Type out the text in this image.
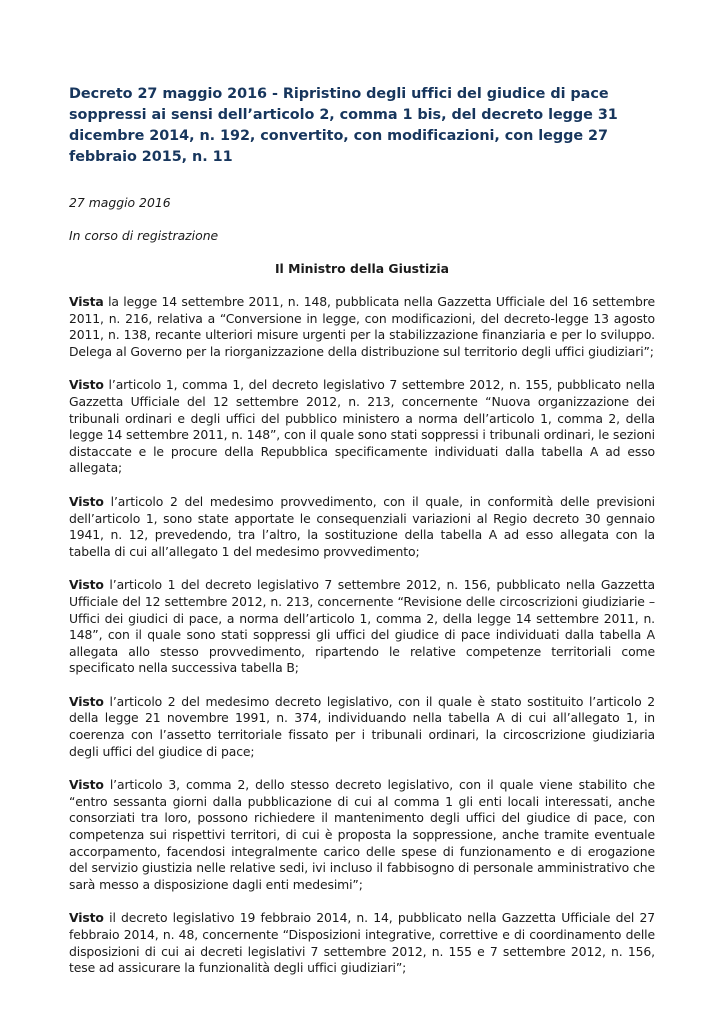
Decreto 27 maggio 2016 - Ripristino degli uffici del giudice di pace soppressi ai sensi dell’articolo 2, comma 1 bis, del decreto legge 31 dicembre 2014, n. 192, convertito, con modificazioni, con legge 27 febbraio 2015, n. 11

27 maggio 2016

In corso di registrazione

Il Ministro della Giustizia

Vista la legge 14 settembre 2011, n. 148, pubblicata nella Gazzetta Ufficiale del 16 settembre 2011, n. 216, relativa a “Conversione in legge, con modificazioni, del decreto-legge 13 agosto 2011, n. 138, recante ulteriori misure urgenti per la stabilizzazione finanziaria e per lo sviluppo. Delega al Governo per la riorganizzazione della distribuzione sul territorio degli uffici giudiziari”;

Visto l’articolo 1, comma 1, del decreto legislativo 7 settembre 2012, n. 155, pubblicato nella Gazzetta Ufficiale del 12 settembre 2012, n. 213, concernente “Nuova organizzazione dei tribunali ordinari e degli uffici del pubblico ministero a norma dell’articolo 1, comma 2, della legge 14 settembre 2011, n. 148”, con il quale sono stati soppressi i tribunali ordinari, le sezioni distaccate e le procure della Repubblica specificamente individuati dalla tabella A ad esso allegata;

Visto l’articolo 2 del medesimo provvedimento, con il quale, in conformità delle previsioni dell’articolo 1, sono state apportate le consequenziali variazioni al Regio decreto 30 gennaio 1941, n. 12, prevedendo, tra l’altro, la sostituzione della tabella A ad esso allegata con la tabella di cui all’allegato 1 del medesimo provvedimento;

Visto l’articolo 1 del decreto legislativo 7 settembre 2012, n. 156, pubblicato nella Gazzetta Ufficiale del 12 settembre 2012, n. 213, concernente “Revisione delle circoscrizioni giudiziarie – Uffici dei giudici di pace, a norma dell’articolo 1, comma 2, della legge 14 settembre 2011, n. 148”, con il quale sono stati soppressi gli uffici del giudice di pace individuati dalla tabella A allegata allo stesso provvedimento, ripartendo le relative competenze territoriali come specificato nella successiva tabella B;

Visto l’articolo 2 del medesimo decreto legislativo, con il quale è stato sostituito l’articolo 2 della legge 21 novembre 1991, n. 374, individuando nella tabella A di cui all’allegato 1, in coerenza con l’assetto territoriale fissato per i tribunali ordinari, la circoscrizione giudiziaria degli uffici del giudice di pace;

Visto l’articolo 3, comma 2, dello stesso decreto legislativo, con il quale viene stabilito che “entro sessanta giorni dalla pubblicazione di cui al comma 1 gli enti locali interessati, anche consorziati tra loro, possono richiedere il mantenimento degli uffici del giudice di pace, con competenza sui rispettivi territori, di cui è proposta la soppressione, anche tramite eventuale accorpamento, facendosi integralmente carico delle spese di funzionamento e di erogazione del servizio giustizia nelle relative sedi, ivi incluso il fabbisogno di personale amministrativo che sarà messo a disposizione dagli enti medesimi”;

Visto il decreto legislativo 19 febbraio 2014, n. 14, pubblicato nella Gazzetta Ufficiale del 27 febbraio 2014, n. 48, concernente “Disposizioni integrative, correttive e di coordinamento delle disposizioni di cui ai decreti legislativi 7 settembre 2012, n. 155 e 7 settembre 2012, n. 156, tese ad assicurare la funzionalità degli uffici giudiziari”;
